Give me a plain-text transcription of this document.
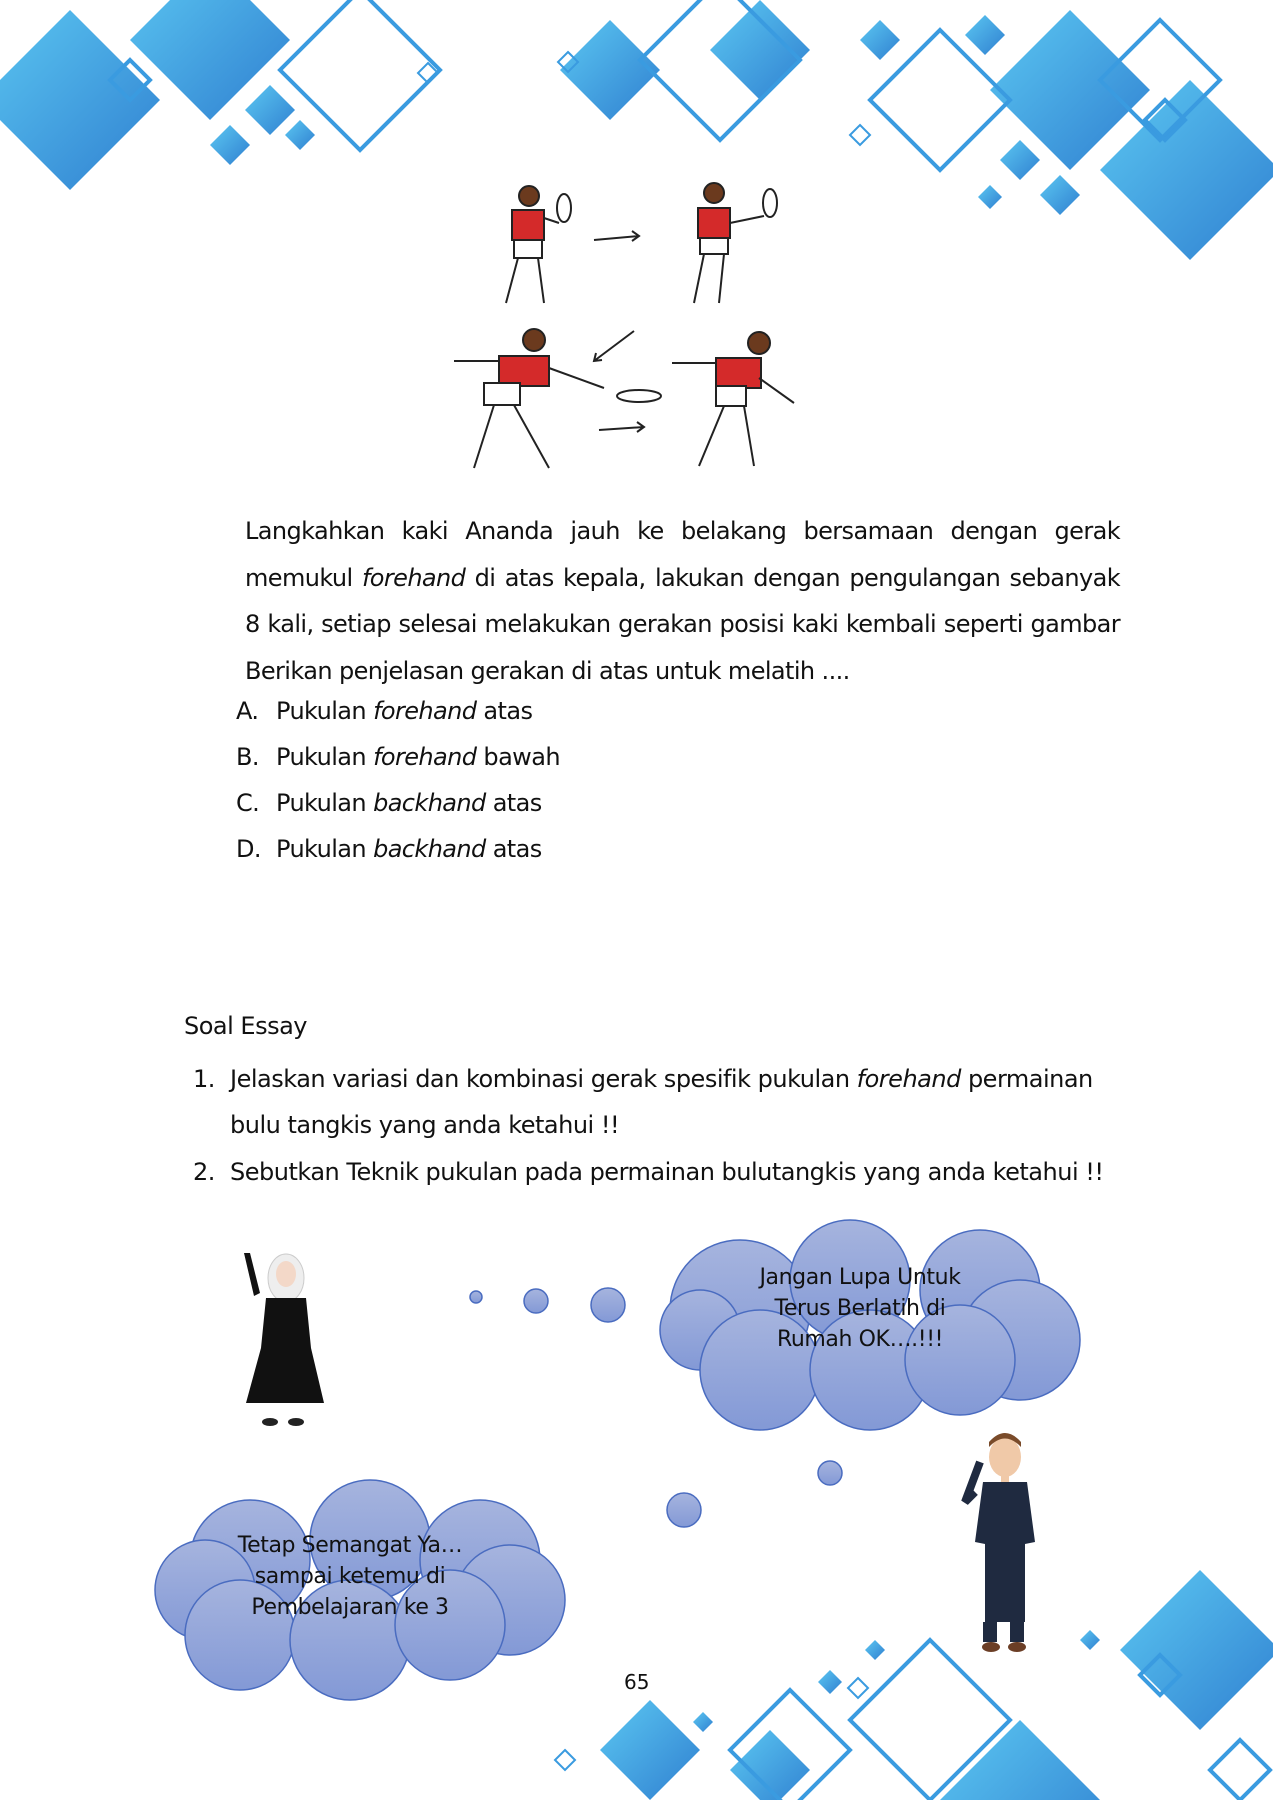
Langkahkan kaki Ananda jauh ke belakang bersamaan dengan gerak memukul forehand di atas kepala, lakukan dengan pengulangan sebanyak 8 kali, setiap selesai melakukan gerakan posisi kaki kembali seperti gambar Berikan penjelasan gerakan di atas untuk melatih ....
A. Pukulan forehand atas
B. Pukulan forehand bawah
C. Pukulan backhand atas
D. Pukulan backhand atas
Soal Essay
1. Jelaskan variasi dan kombinasi gerak spesifik pukulan forehand permainan
bulu tangkis yang anda ketahui !!
2. Sebutkan Teknik pukulan pada permainan bulutangkis yang anda ketahui !!
Jangan Lupa Untuk
Terus Berlatih di
Rumah OK….!!!
Tetap Semangat Ya…
sampai ketemu di
Pembelajaran ke 3
65
